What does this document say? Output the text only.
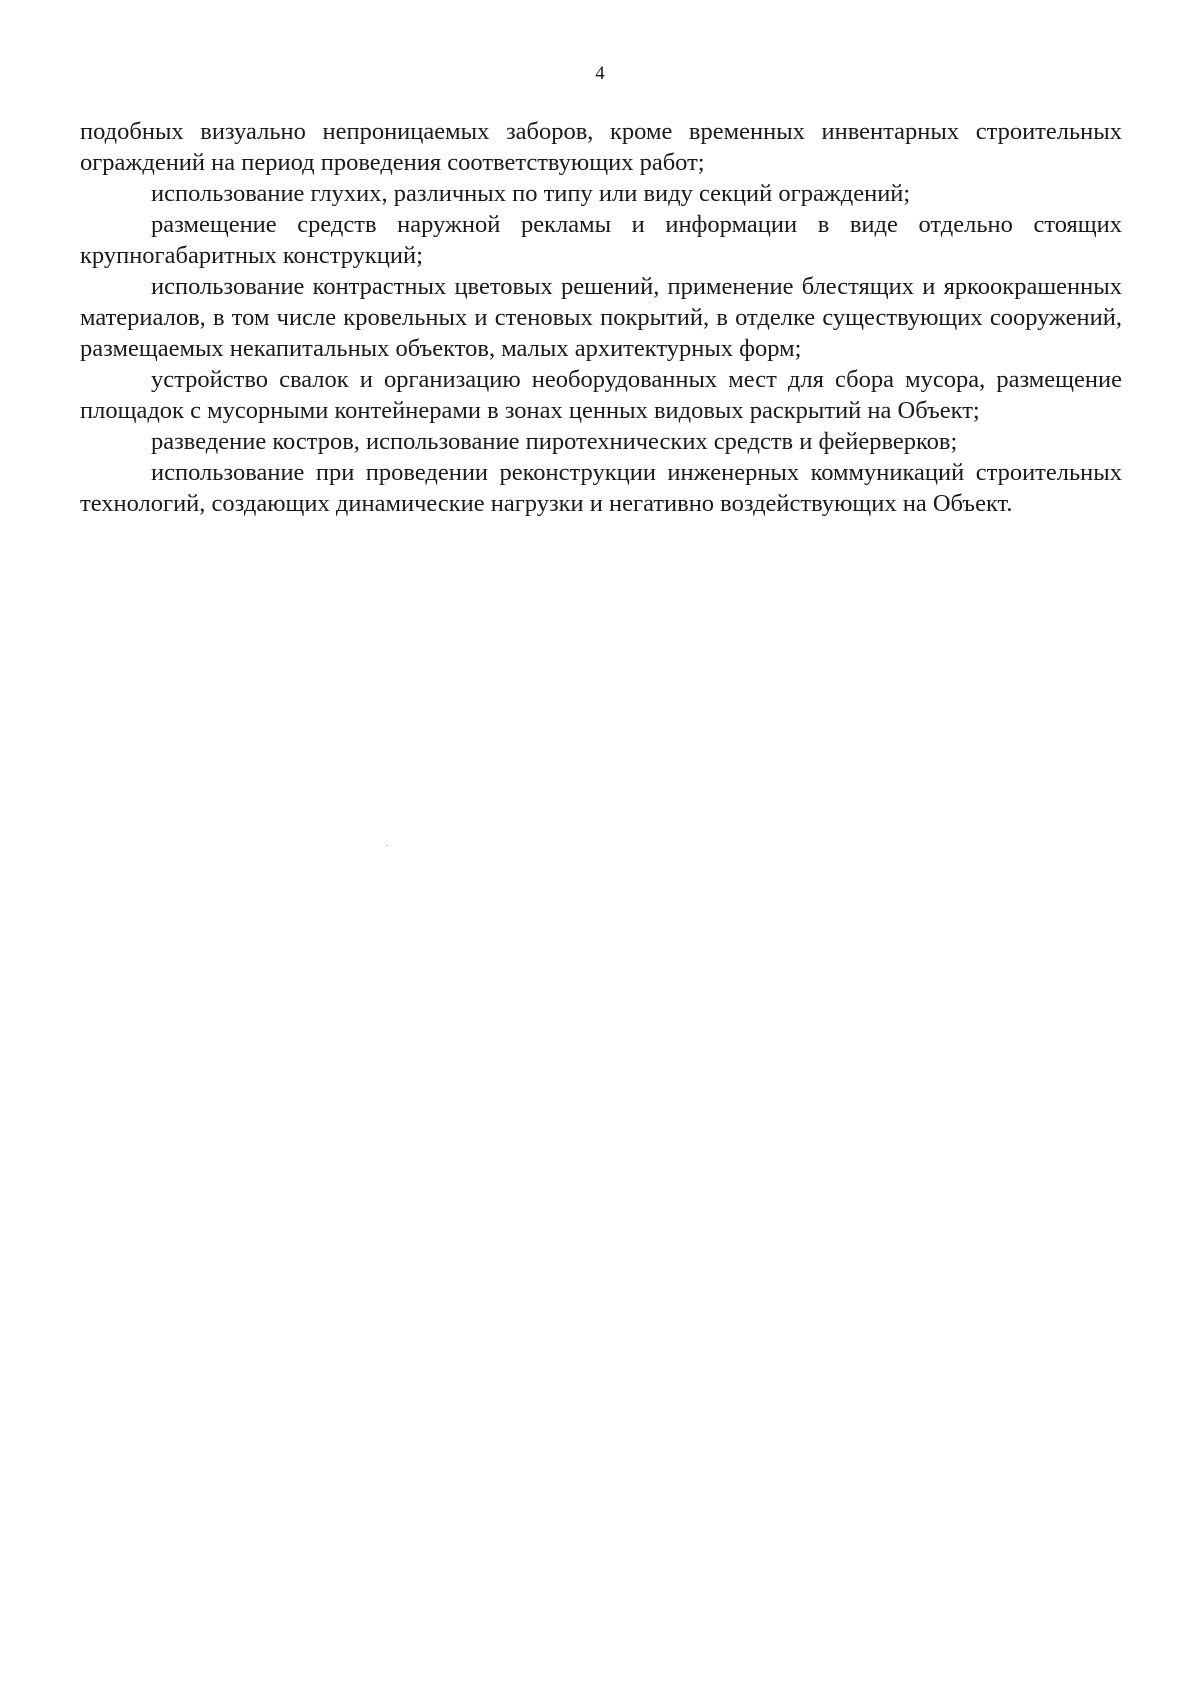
4

подобных визуально непроницаемых заборов, кроме временных инвентарных строительных ограждений на период проведения соответствующих работ;

использование глухих, различных по типу или виду секций ограждений;

размещение средств наружной рекламы и информации в виде отдельно стоящих крупногабаритных конструкций;

использование контрастных цветовых решений, применение блестящих и яркоокрашенных материалов, в том числе кровельных и стеновых покрытий, в отделке существующих сооружений, размещаемых некапитальных объектов, малых архитектурных форм;

устройство свалок и организацию необорудованных мест для сбора мусора, размещение площадок с мусорными контейнерами в зонах ценных видовых раскрытий на Объект;

разведение костров, использование пиротехнических средств и фейерверков;

использование при проведении реконструкции инженерных коммуникаций строительных технологий, создающих динамические нагрузки и негативно воздействующих на Объект.
